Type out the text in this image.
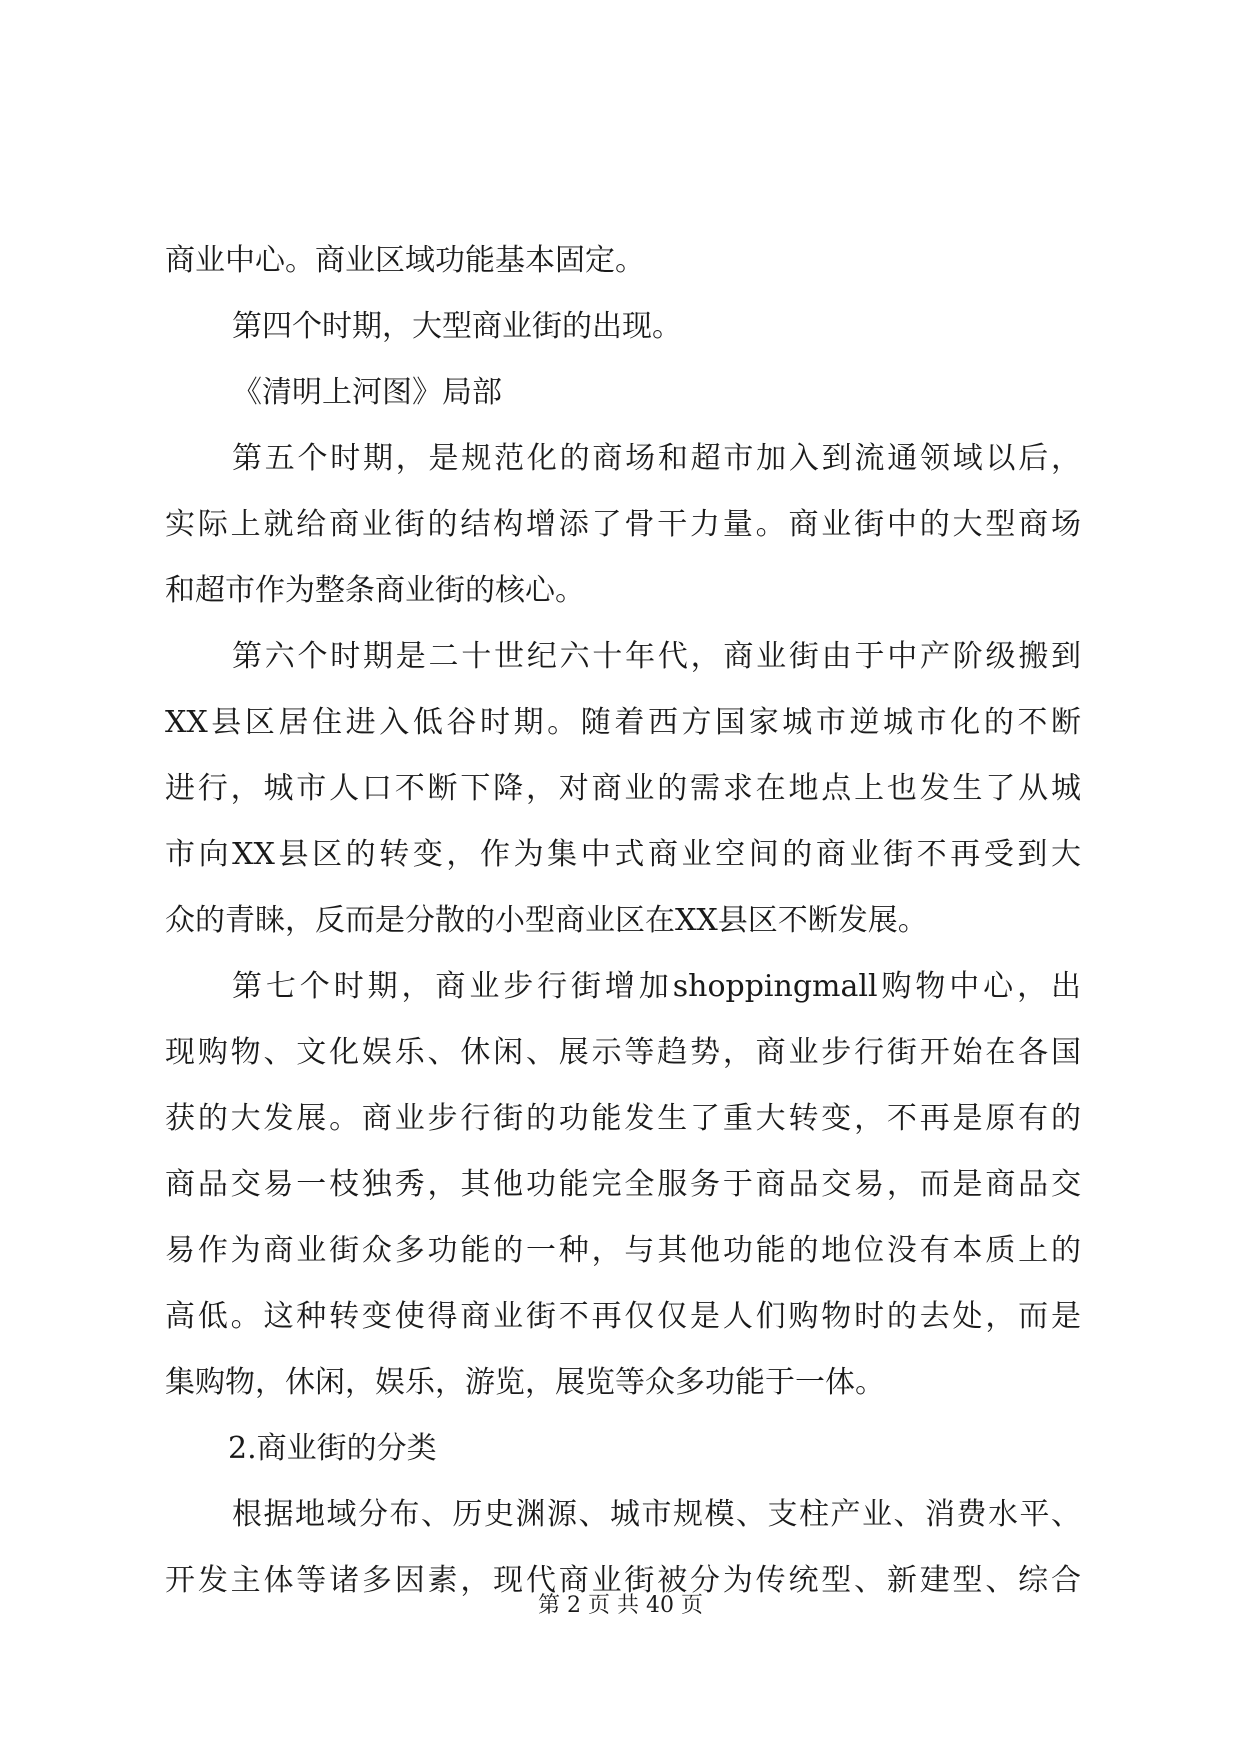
商业中心。商业区域功能基本固定。
第四个时期，大型商业街的出现。
《清明上河图》局部
第五个时期，是规范化的商场和超市加入到流通领域以后，
实际上就给商业街的结构增添了骨干力量。商业街中的大型商场
和超市作为整条商业街的核心。
第六个时期是二十世纪六十年代，商业街由于中产阶级搬到
XX县区居住进入低谷时期。随着西方国家城市逆城市化的不断
进行，城市人口不断下降，对商业的需求在地点上也发生了从城
市向XX县区的转变，作为集中式商业空间的商业街不再受到大
众的青睐，反而是分散的小型商业区在XX县区不断发展。
第七个时期，商业步行街增加shoppingmall购物中心，出
现购物、文化娱乐、休闲、展示等趋势，商业步行街开始在各国
获的大发展。商业步行街的功能发生了重大转变，不再是原有的
商品交易一枝独秀，其他功能完全服务于商品交易，而是商品交
易作为商业街众多功能的一种，与其他功能的地位没有本质上的
高低。这种转变使得商业街不再仅仅是人们购物时的去处，而是
集购物，休闲，娱乐，游览，展览等众多功能于一体。
2.商业街的分类
根据地域分布、历史渊源、城市规模、支柱产业、消费水平、
开发主体等诸多因素，现代商业街被分为传统型、新建型、综合
第 2 页 共 40 页
